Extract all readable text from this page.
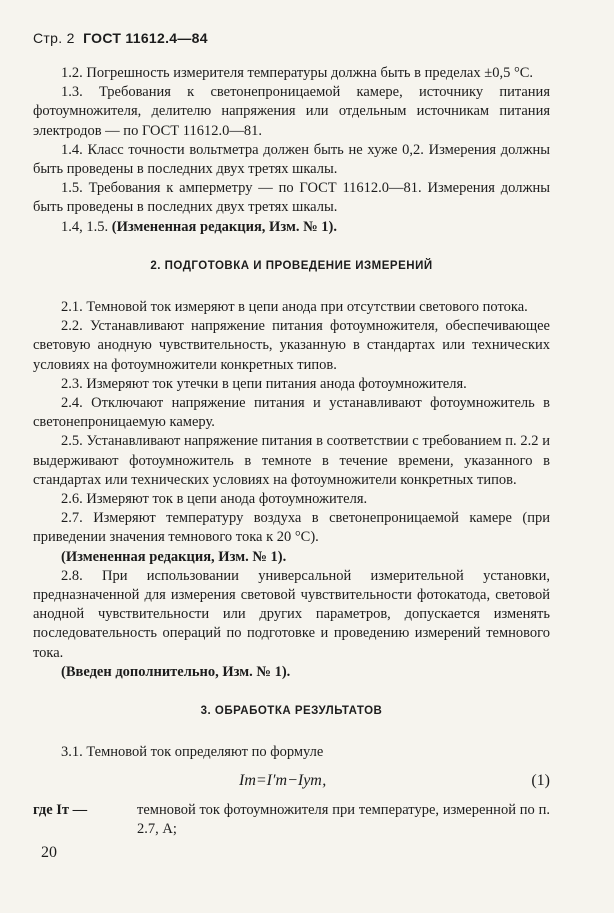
Стр. 2 ГОСТ 11612.4—84

1.2. Погрешность измерителя температуры должна быть в пределах ±0,5 °С.

1.3. Требования к светонепроницаемой камере, источнику питания фотоумножителя, делителю напряжения или отдельным источникам питания электродов — по ГОСТ 11612.0—81.

1.4. Класс точности вольтметра должен быть не хуже 0,2. Измерения должны быть проведены в последних двух третях шкалы.

1.5. Требования к амперметру — по ГОСТ 11612.0—81. Измерения должны быть проведены в последних двух третях шкалы.

1.4, 1.5. (Измененная редакция, Изм. № 1).

2. ПОДГОТОВКА И ПРОВЕДЕНИЕ ИЗМЕРЕНИЙ

2.1. Темновой ток измеряют в цепи анода при отсутствии светового потока.

2.2. Устанавливают напряжение питания фотоумножителя, обеспечивающее световую анодную чувствительность, указанную в стандартах или технических условиях на фотоумножители конкретных типов.

2.3. Измеряют ток утечки в цепи питания анода фотоумножителя.

2.4. Отключают напряжение питания и устанавливают фотоумножитель в светонепроницаемую камеру.

2.5. Устанавливают напряжение питания в соответствии с требованием п. 2.2 и выдерживают фотоумножитель в темноте в течение времени, указанного в стандартах или технических условиях на фотоумножители конкретных типов.

2.6. Измеряют ток в цепи анода фотоумножителя.

2.7. Измеряют температуру воздуха в светонепроницаемой камере (при приведении значения темнового тока к 20 °С).

(Измененная редакция, Изм. № 1).

2.8. При использовании универсальной измерительной установки, предназначенной для измерения световой чувствительности фотокатода, световой анодной чувствительности или других параметров, допускается изменять последовательность операций по подготовке и проведению измерений темнового тока.

(Введен дополнительно, Изм. № 1).

3. ОБРАБОТКА РЕЗУЛЬТАТОВ

3.1. Темновой ток определяют по формуле

Iт=I′т−Iут,	(1)

где Iт —	темновой ток фотоумножителя при температуре, измеренной по п. 2.7, А;

20
